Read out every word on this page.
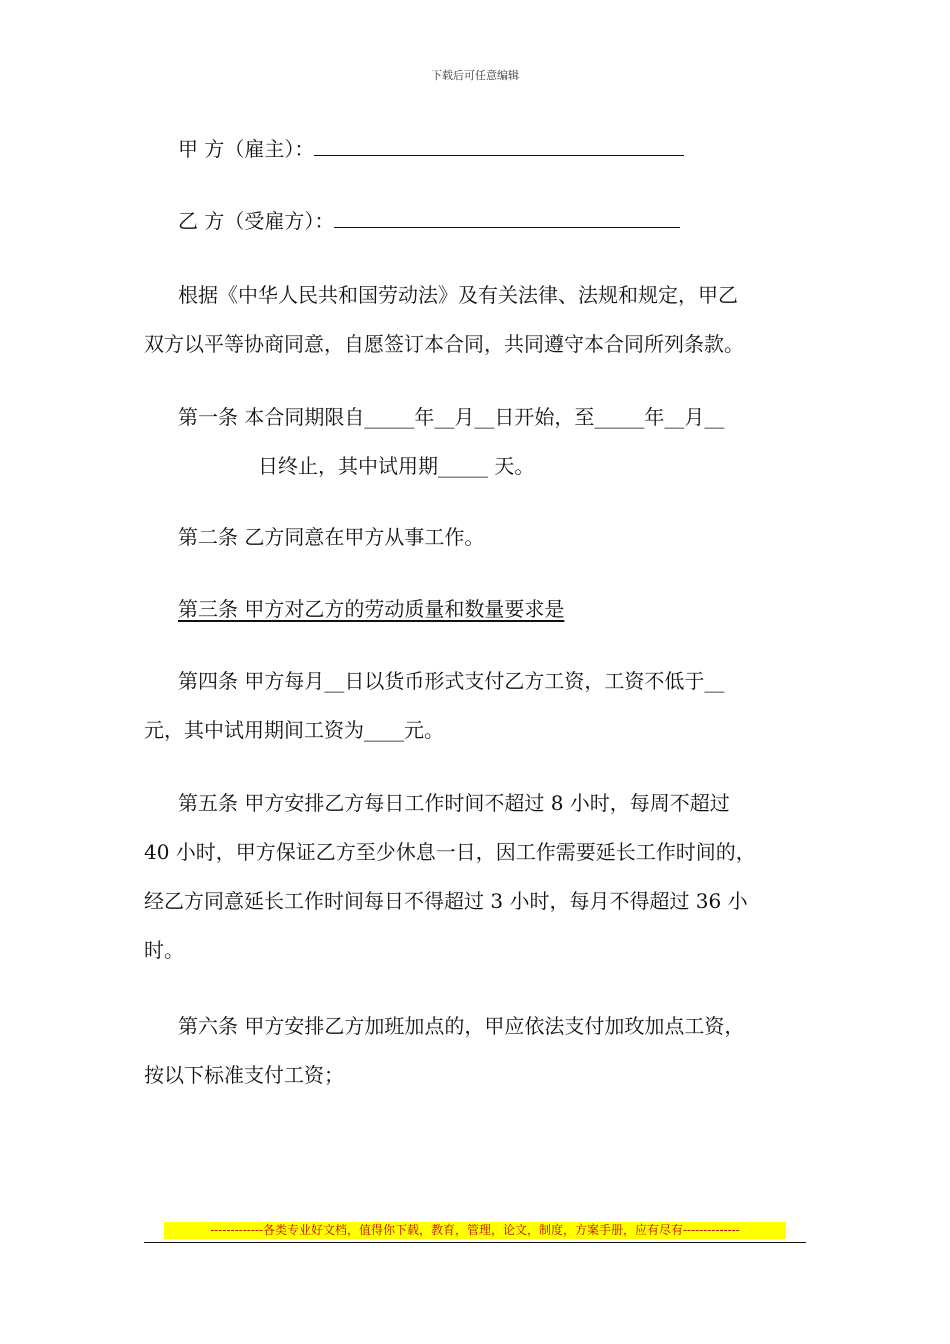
下载后可任意编辑
甲 方（雇主）：
乙 方（受雇方）：
根据《中华人民共和国劳动法》及有关法律、法规和规定，甲乙
双方以平等协商同意，自愿签订本合同，共同遵守本合同所列条款。
第一条 本合同期限自_____年__月__日开始，至_____年__月__
日终止，其中试用期_____ 天。
第二条 乙方同意在甲方从事工作。
第三条 甲方对乙方的劳动质量和数量要求是
第四条 甲方每月__日以货币形式支付乙方工资，工资不低于__
元，其中试用期间工资为____元。
第五条 甲方安排乙方每日工作时间不超过 8 小时，每周不超过
40 小时，甲方保证乙方至少休息一日，因工作需要延长工作时间的，
经乙方同意延长工作时间每日不得超过 3 小时，每月不得超过 36 小
时。
第六条 甲方安排乙方加班加点的，甲应依法支付加玫加点工资，
按以下标准支付工资；
-------------各类专业好文档，值得你下载，教育，管理，论文，制度，方案手册，应有尽有--------------
